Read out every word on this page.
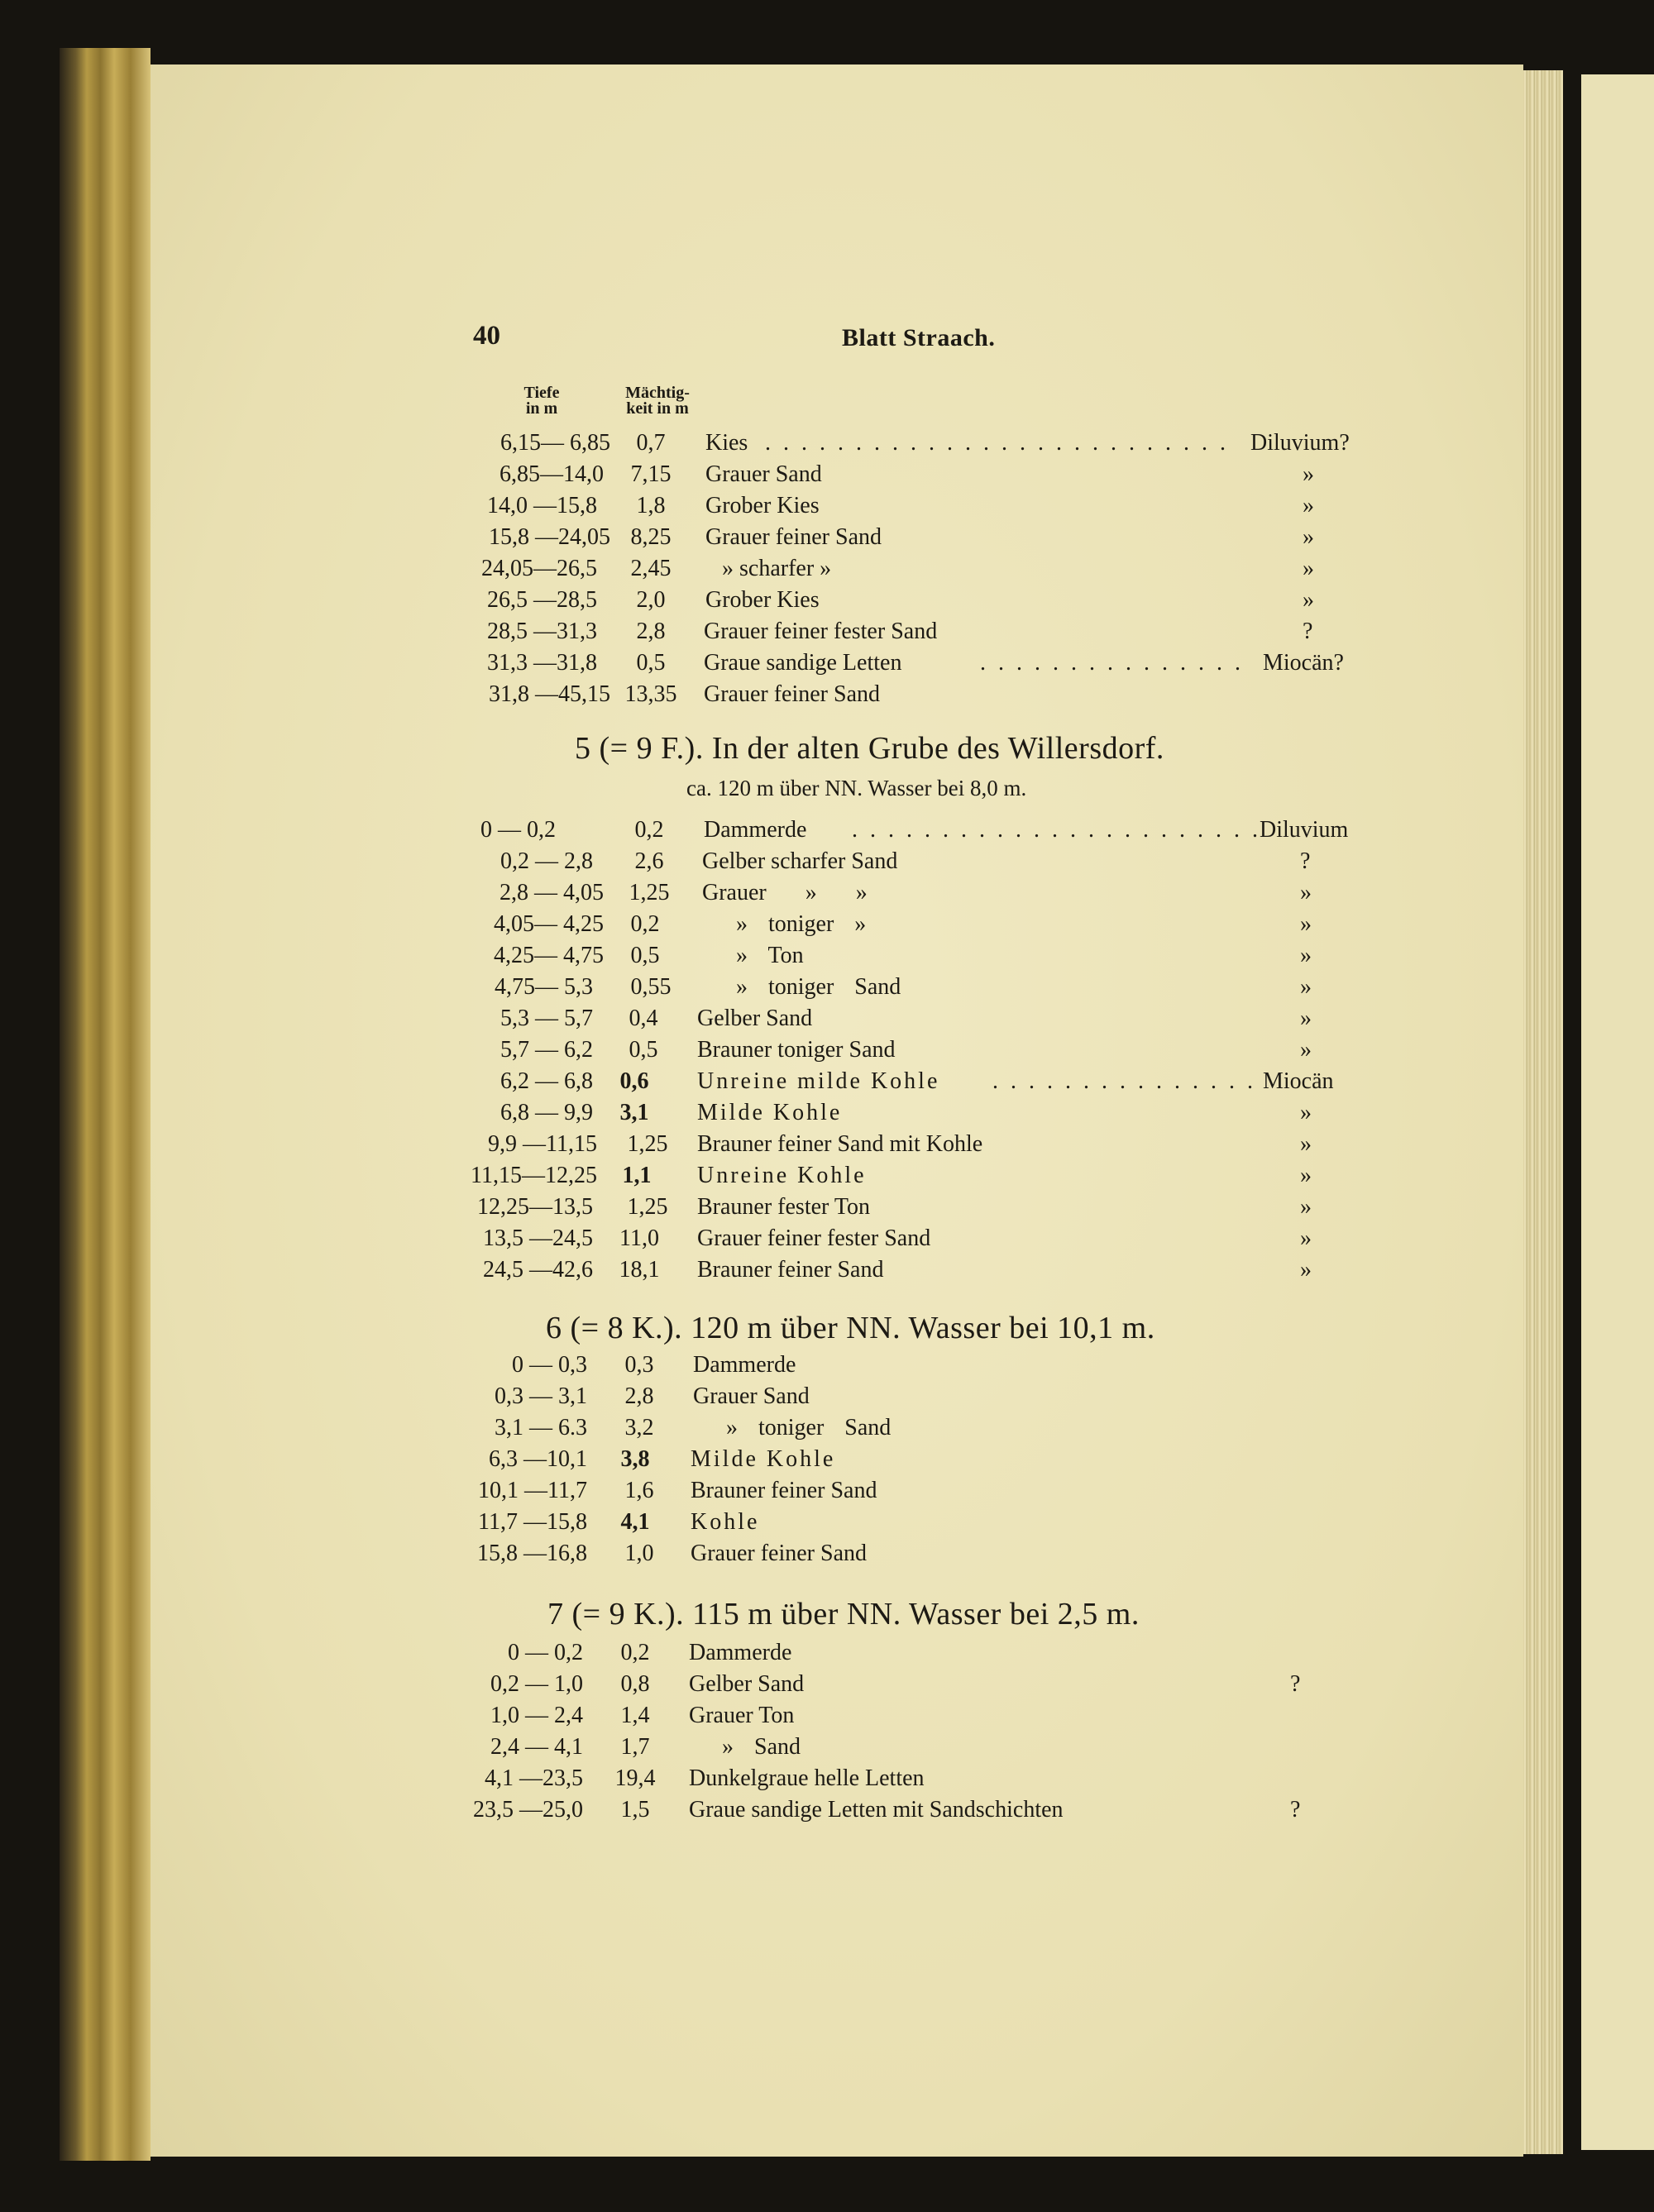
40	Blatt Straach.
Tiefe
in m
Mächtig-
keit in m
6,15— 6,85	0,7	Kies . . .	Diluvium?
6,85—14,0	7,15	Grauer Sand	»
14,0 —15,8	1,8	Grober Kies	»
15,8 —24,05 8,25	Grauer feiner Sand	»
24,05—26,5	2,45	» scharfer »	»
26,5 —28,5	2,0	Grober Kies	»
28,5 —31,3	2,8	Grauer feiner fester Sand	?
31,3 —31,8	0,5	Graue sandige Letten . . .	Miocän?
31,8 —45,15 13,35	Grauer feiner Sand
5 (= 9 F.). In der alten Grube des Willersdorf.
ca. 120 m über NN. Wasser bei 8,0 m.
0 — 0,2	0,2	Dammerde . . .	Diluvium
0,2 — 2,8	2,6	Gelber scharfer Sand	?
2,8 — 4,05	1,25	Grauer » »	»
4,05— 4,25	0,2	» toniger »	»
4,25— 4,75	0,5	» Ton	»
4,75— 5,3	0,55	» toniger Sand	»
5,3 — 5,7	0,4	Gelber Sand	»
5,7 — 6,2	0,5	Brauner toniger Sand	»
6,2 — 6,8	0,6	Unreine milde Kohle . . .	Miocän
6,8 — 9,9	3,1	Milde Kohle	»
9,9 —11,15	1,25	Brauner feiner Sand mit Kohle	»
11,15—12,25	1,1	Unreine Kohle	»
12,25—13,5	1,25	Brauner fester Ton	»
13,5 —24,5	11,0	Grauer feiner fester Sand	»
24,5 —42,6	18,1	Brauner feiner Sand	»
6 (= 8 K.). 120 m über NN. Wasser bei 10,1 m.
0 — 0,3	0,3	Dammerde
0,3 — 3,1	2,8	Grauer Sand
3,1 — 6.3	3,2	» toniger Sand
6,3 —10,1	3,8	Milde Kohle
10,1 —11,7	1,6	Brauner feiner Sand
11,7 —15,8	4,1	Kohle
15,8 —16,8	1,0	Grauer feiner Sand
7 (= 9 K.). 115 m über NN. Wasser bei 2,5 m.
0 — 0,2	0,2	Dammerde
0,2 — 1,0	0,8	Gelber Sand	?
1,0 — 2,4	1,4	Grauer Ton
2,4 — 4,1	1,7	» Sand
4,1 —23,5	19,4	Dunkelgraue helle Letten
23,5 —25,0	1,5	Graue sandige Letten mit Sandschichten	?
